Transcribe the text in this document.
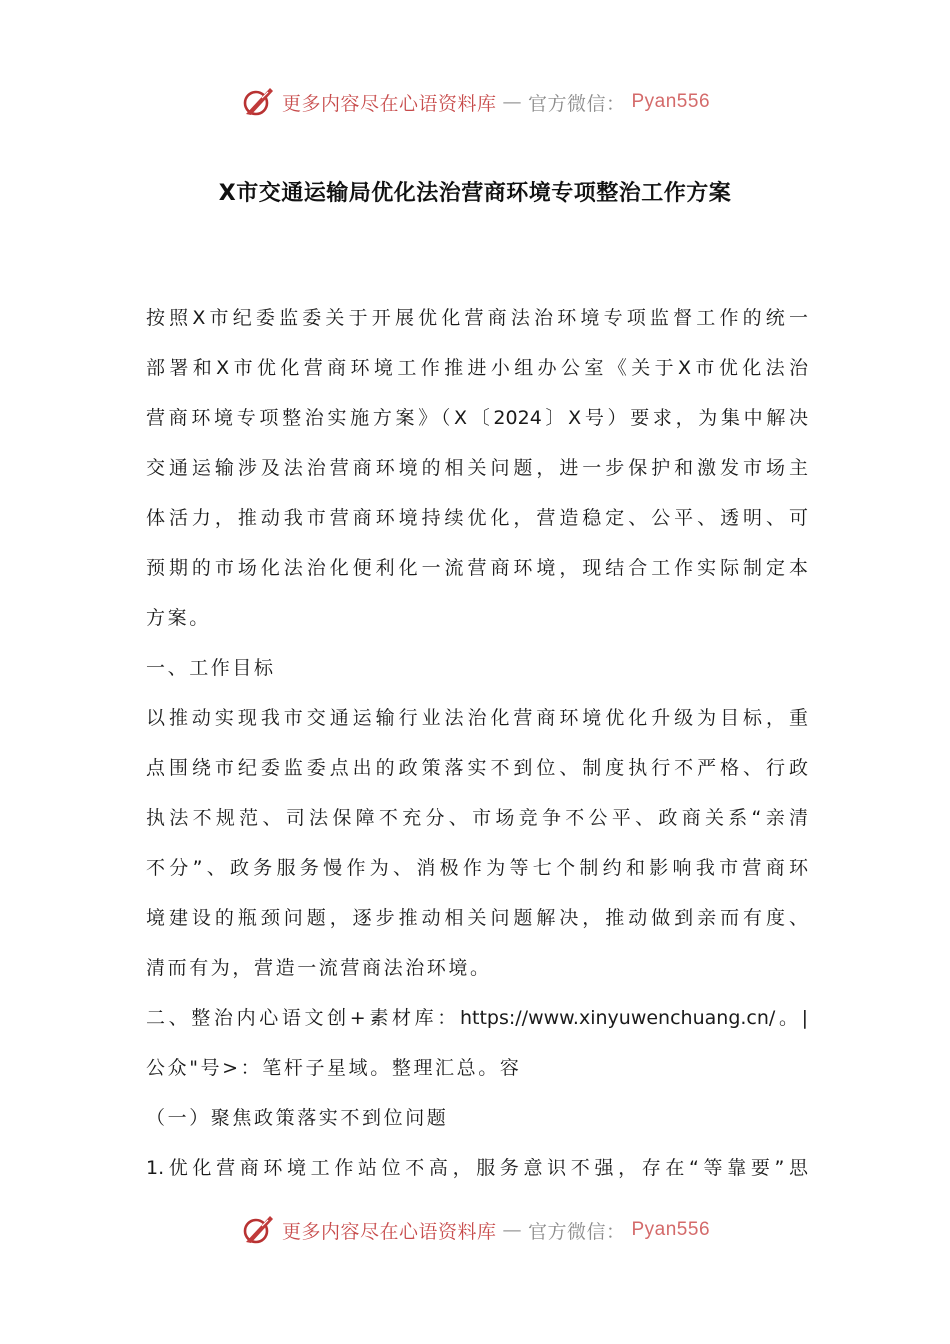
更多内容尽在心语资料库 — 官方微信： Pyan556
X市交通运输局优化法治营商环境专项整治工作方案
按照X市纪委监委关于开展优化营商法治环境专项监督工作的统一
部署和X市优化营商环境工作推进小组办公室《关于X市优化法治
营商环境专项整治实施方案》（X〔2024〕X号）要求，为集中解决
交通运输涉及法治营商环境的相关问题，进一步保护和激发市场主
体活力，推动我市营商环境持续优化，营造稳定、公平、透明、可
预期的市场化法治化便利化一流营商环境，现结合工作实际制定本
方案。
一、工作目标
以推动实现我市交通运输行业法治化营商环境优化升级为目标，重
点围绕市纪委监委点出的政策落实不到位、制度执行不严格、行政
执法不规范、司法保障不充分、市场竞争不公平、政商关系“亲清
不分”、政务服务慢作为、消极作为等七个制约和影响我市营商环
境建设的瓶颈问题，逐步推动相关问题解决，推动做到亲而有度、
清而有为，营造一流营商法治环境。
二、整治内心语文创+素材库：https://www.xinyuwenchuang.cn/。|
公众"号>：笔杆子星域。整理汇总。容
（一）聚焦政策落实不到位问题
1.优化营商环境工作站位不高，服务意识不强，存在“等靠要”思
更多内容尽在心语资料库 — 官方微信： Pyan556
